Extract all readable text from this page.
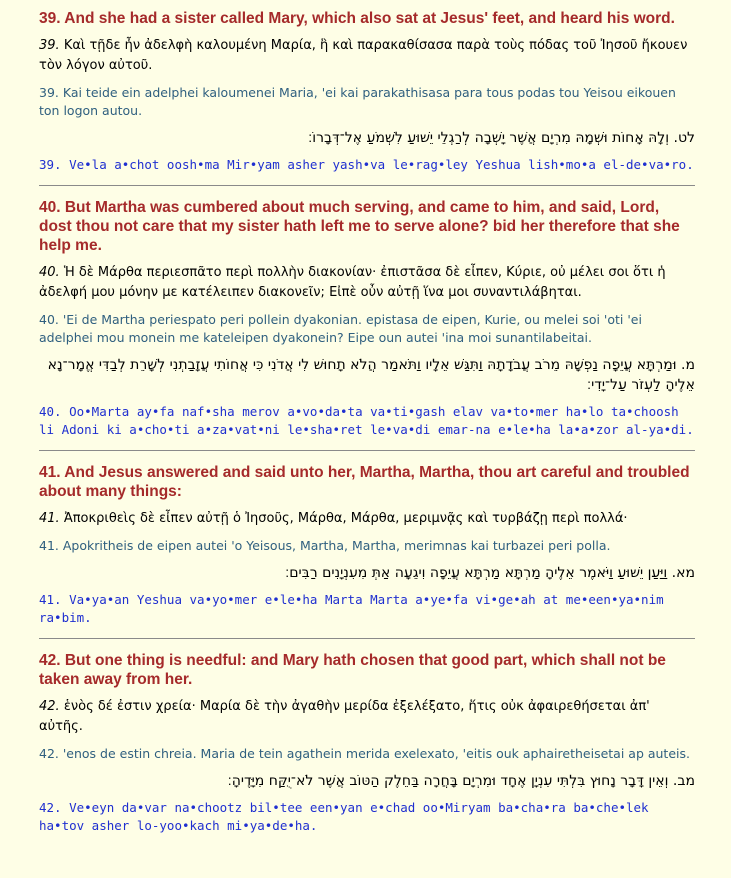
39. And she had a sister called Mary, which also sat at Jesus' feet, and heard his word.

39. Καὶ τῇδε ἦν ἀδελφὴ καλουμένη Μαρία, ἣ καὶ παρακαθίσασα παρὰ τοὺς πόδας τοῦ Ἰησοῦ ἤκουεν τὸν λόγον αὐτοῦ.

39. Kai teide ein adelphei kaloumenei Maria, 'ei kai parakathisasa para tous podas tou Yeisou eikouen ton logon autou.

לט. וְלָהּ אָחוֹת וּשְׁמָהּ מִרְיָם אֲשֶׁר יָשְׁבָה לְרַגְלֵי יֵשׁוּעַ לִשְׁמֹעַ אֶל־דְּבָרוֹ׃

39. Ve•la a•chot oosh•ma Mir•yam asher yash•va le•rag•ley Yeshua lish•mo•a el-de•va•ro.

40. But Martha was cumbered about much serving, and came to him, and said, Lord, dost thou not care that my sister hath left me to serve alone? bid her therefore that she help me.

40. Ἡ δὲ Μάρθα περιεσπᾶτο περὶ πολλὴν διακονίαν· ἐπιστᾶσα δὲ εἶπεν, Κύριε, οὐ μέλει σοι ὅτι ἡ ἀδελφή μου μόνην με κατέλειπεν διακονεῖν; Εἰπὲ οὖν αὐτῇ ἵνα μοι συναντιλάβηται.

40. 'Ei de Martha periespato peri pollein dyakonian. epistasa de eipen, Kurie, ou melei soi 'oti 'ei adelphei mou monein me kateleipen dyakonein? Eipe oun autei 'ina moi sunantilabeitai.

מ. וּמַרְתָּא עֲיֵפָה נַפְשָׁהּ מֵרֹב עֲבֹדָתָהּ וַתִּגַּשׁ אֵלָיו וַתֹּאמַר הֲלֹא תָחוּשׁ לִי אֲדֹנִי כִּי אֲחוֹתִי עֲזָבַתְנִי לְשָׁרֵת לְבַדִּי אֱמָר־נָא אֵלֶיהָ לַעְזֹר עַל־יָדִי׃

40. Oo•Marta ay•fa naf•sha merov a•vo•da•ta va•ti•gash elav va•to•mer ha•lo ta•choosh li Adoni ki a•cho•ti a•za•vat•ni le•sha•ret le•va•di emar-na e•le•ha la•a•zor al-ya•di.

41. And Jesus answered and said unto her, Martha, Martha, thou art careful and troubled about many things:

41. Ἀποκριθεὶς δὲ εἶπεν αὐτῇ ὁ Ἰησοῦς, Μάρθα, Μάρθα, μεριμνᾷς καὶ τυρβάζῃ περὶ πολλά·

41. Apokritheis de eipen autei 'o Yeisous, Martha, Martha, merimnas kai turbazei peri polla.

מא. וַיַּעַן יֵשׁוּעַ וַיֹּאמֶר אֵלֶיהָ מַרְתָּא מַרְתָּא עֲיֵפָה וִיגֵעָה אַתְּ מִעִנְיָנִים רַבִּים׃

41. Va•ya•an Yeshua va•yo•mer e•le•ha Marta Marta a•ye•fa vi•ge•ah at me•een•ya•nim ra•bim.

42. But one thing is needful: and Mary hath chosen that good part, which shall not be taken away from her.

42. ἑνὸς δέ ἐστιν χρεία· Μαρία δὲ τὴν ἀγαθὴν μερίδα ἐξελέξατο, ἥτις οὐκ ἀφαιρεθήσεται ἀπ' αὐτῆς.

42. 'enos de estin chreia. Maria de tein agathein merida exelexato, 'eitis ouk aphairetheisetai ap auteis.

מב. וְאֵין דָּבָר נָחוּץ בִּלְתִּי עִנְיָן אֶחָד וּמִרְיָם בָּחֲרָה בַּחֵלֶק הַטּוֹב אֲשֶׁר לֹא־יֻקַּח מִיָּדֶיהָ׃

42. Ve•eyn da•var na•chootz bil•tee een•yan e•chad oo•Miryam ba•cha•ra ba•che•lek ha•tov asher lo-yoo•kach mi•ya•de•ha.
